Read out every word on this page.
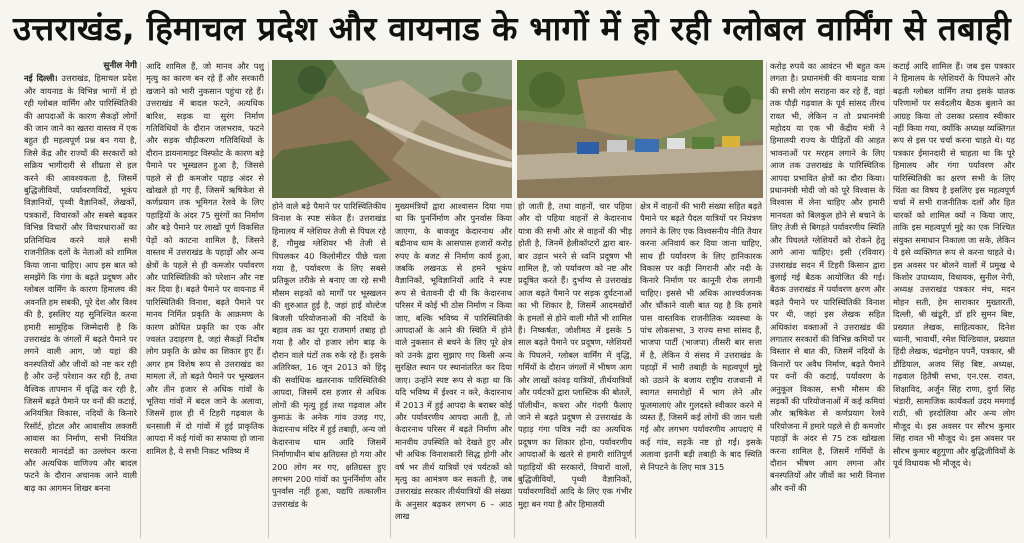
उत्तराखंड, हिमाचल प्रदेश और वायनाड के भागों में हो रही ग्लोबल वार्मिंग से तबाही
सुनील नेगी

नई दिल्ली। उत्तराखंड, हिमाचल प्रदेश और वायनाड के विभिन्न भागों में हो रही ग्लोबल वार्मिंग और पारिस्थितिकी की आपदाओं के कारण सैकड़ों लोगों की जान जाने का खतरा वास्तव में एक बहुत ही महत्वपूर्ण प्रश्न बन गया है, जिसे केंद्र और राज्यों की सरकारों को सक्रिय भागीदारी से शीघ्रता से हल करने की आवश्यकता है, जिसमें बुद्धिजीवियों, पर्यावरणविदों, भूकंप विज्ञानियों, पृथ्वी वैज्ञानिकों, लेखकों, पत्रकारों, विचारकों और सबसे बढ़कर विभिन्न विचारों और विचारधाराओं का प्रतिनिधित्व करने वाले सभी राजनीतिक दलों के नेताओं को शामिल किया जाना चाहिए। आप इस बात को समझेंगे कि गंगा के बढ़ते प्रदूषण और ग्लोबल वार्मिंग के कारण हिमालय की अवनति हम सबकी, पूरे देश और विश्व की है, इसलिए यह सुनिश्चित करना हमारी सामूहिक जिम्मेदारी है कि उत्तराखंड के जंगलों में बढ़ते पैमाने पर लगने वाली आग, जो यहां की वनस्पतियों और जीवों को नष्ट कर रही है और उन्हें परेशान कर रही है, तथा वैश्विक तापमान में वृद्धि कर रही है, जिसमें बढ़ते पैमाने पर वनों की कटाई, अनियंत्रित विकास, नदियों के किनारे रिसॉर्ट, होटल और आवासीय लक्जरी आवास का निर्माण, सभी नियंत्रित सरकारी मानदंडों का उल्लंघन करना और अत्यधिक वाणिज्य और बादल फटने के दौरान अचानक आने वाली बाढ़ का आगमन शिखर बनना

आदि शामिल हैं, जो मानव और पशु मृत्यु का कारण बन रहे हैं और सरकारी खजाने को भारी नुकसान पहुंचा रहे हैं। उत्तराखंड में बादल फटने, अत्यधिक बारिश, सड़क या सुरंग निर्माण गतिविधियों के दौरान जलभराव, फटने और सड़क चौड़ीकरण गतिविधियों के दौरान डायनामाइट विस्फोट के कारण बड़े पैमाने पर भूस्खलन हुआ है, जिससे पहले से ही कमजोर पहाड़ अंदर से खोखले हो गए हैं, जिसमें ऋषिकेश से कर्णप्रयाग तक भूमिगत रेलवे के लिए पहाड़ियों के अंदर 75 सुरंगों का निर्माण और बड़े पैमाने पर लाखों पूर्ण विकसित पेड़ों को काटना शामिल है, जिसने वास्तव में उत्तराखंड के पहाड़ों और अन्य क्षेत्रों के पहले से ही कमजोर पर्यावरण और पारिस्थितिकी को परेशान और नष्ट कर दिया है। बढ़ते पैमाने पर वायनाड में पारिस्थितिकी विनाश, बढ़ते पैमाने पर मानव निर्मित प्रकृति के आक्रमण के कारण क्रोधित प्रकृति का एक और ज्वलंत उदाहरण है, जहां सैकड़ों निर्दोष लोग प्रकृति के क्रोध का शिकार हुए हैं। अगर हम विशेष रूप से उत्तराखंड का मामला लें, तो बढ़ते पैमाने पर भूस्खलन और तीन हजार से अधिक गांवों के भूतिया गांवों में बदल जाने के अलावा, जिसमें हाल ही में टिहरी गढ़वाल के धनसाली में दो गांवों में हुई प्राकृतिक आपदा में कई गांवों का सफाया हो जाना शामिल है, ये सभी निकट भविष्य में

होने वाले बड़े पैमाने पर पारिस्थितिकीय विनाश के स्पष्ट संकेत हैं। उत्तराखंड हिमालय में ग्लेशियर तेजी से पिघल रहे हैं, गौमुख ग्लेशियर भी तेजी से पिघलकर 40 किलोमीटर पीछे चला गया है, पर्यावरण के लिए सबसे प्रतिकूल तरीके से बनाए जा रहे सभी मौसम सड़कों को मार्गों पर भूस्खलन की शुरुआत हुई है, जहां हाई वोल्टेज बिजली परियोजनाओं की नदियों के बहाव तक का पूरा राजमार्ग तबाह हो गया है और दो हजार लोग बाढ़ के दौरान वाले घंटों तक रुके रहे हैं। इसके अतिरिक्त, 16 जून 2013 को हिंदू की सर्वाधिक खतरनाक पारिस्थितिकी आपदा, जिसमें दस हजार से अधिक लोगों की मृत्यु हुई तथा गढ़वाल और कुमाऊं के अनेक गांव उजड़ गए, केदारनाथ मंदिर में हुई तबाही, अन्य जो केदारनाथ धाम आदि जिसमें निर्माणाधीन बांध क्षतिग्रस्त हो गया और 200 लोग मर गए, क्षतिग्रस्त हुए लगभग 200 गांवों का पुनर्निर्माण और पुनर्वास नहीं हुआ, यद्यपि तत्कालीन उत्तराखंड के

मुख्यमंत्रियों द्वारा आश्वासन दिया गया था कि पुनर्निर्माण और पुनर्वास किया जाएगा, के बावजूद केदारनाथ और बद्रीनाथ धाम के आसपास हजारों करोड़ रुपए के बजट से निर्माण कार्य हुआ, जबकि लखनऊ से हमने भूकंप वैज्ञानिकों, भूविज्ञानियों आदि ने स्पष्ट रूप से चेतावनी दी थी कि केदारनाथ परिसर में कोई भी ठोस निर्माण न किया जाए, बल्कि भविष्य में पारिस्थितिकी आपदाओं के आने की स्थिति में होने वाले नुकसान से बचने के लिए पूरे क्षेत्र को उनके द्वारा सुझाए गए किसी अन्य सुरक्षित स्थान पर स्थानांतरित कर दिया जाए। उन्होंने स्पष्ट रूप से कहा था कि यदि भविष्य में ईश्वर न करे, केदारनाथ में 2013 में हुई आपदा के बराबर कोई और पर्यावरणीय आपदा आती है, तो केदारनाथ परिसर में बढ़ते निर्माण और मानवीय उपस्थिति को देखते हुए और भी अधिक विनाशकारी सिद्ध होगी और वर्ष भर तीर्थ यात्रियों एवं पर्यटकों को मृत्यु का आमंत्रण कर सकती है, जब उत्तराखंड सरकार तीर्थयात्रियों की संख्या के अनुसार बढ़कर लगभग 6 – आठ लाख

हो जाती है, तथा वाहनों, चार पहिया और दो पहिया वाहनों से केदारनाथ यात्रा की सभी ओर से वाहनों की भीड़ होती है, जिनमें हेलीकॉप्टरों द्वारा बार-बार उड़ान भरने से ध्वनि प्रदूषण भी शामिल है, जो पर्यावरण को नष्ट और प्रदूषित करते हैं। दुर्भाग्य से उत्तराखंड आज बढ़ते पैमाने पर सड़क दुर्घटनाओं का भी शिकार है, जिसमें आदमखोरों के हमलों से होने वाली मौतें भी शामिल हैं। निष्कर्षतः, जोशीमठ में इसके 5 साल बढ़ते पैमाने पर प्रदूषण, ग्लेशियरों के पिघलने, ग्लोबल वार्मिंग में वृद्धि, गर्मियों के दौरान जंगलों में भीषण आग और लाखों कांवड़ यात्रियों, तीर्थयात्रियों और पर्यटकों द्वारा प्लास्टिक की बोतलें, पॉलीथीन, कचरा और गंदगी फैलाए जाने से बढ़ते प्रदूषण से उत्तराखंड के पहाड़ गंगा पवित्र नदी का अत्यधिक प्रदूषण का शिकार होना, पर्यावरणीय आपदाओं के खतरे से हमारी शांतिपूर्ण पहाड़ियों की सरकारों, विचारों वालों, बुद्धिजीवियों, पृथ्वी वैज्ञानिकों, पर्यावरणविदों आदि के लिए एक गंभीर मुद्दा बन गया है और हिमालयी

क्षेत्र में वाहनों की भारी संख्या सहित बढ़ते पैमाने पर बढ़ते पैदल यात्रियों पर नियंत्रण लगाने के लिए एक विश्वसनीय नीति तैयार करना अनिवार्य कर दिया जाना चाहिए, साथ ही पर्यावरण के लिए हानिकारक विकास पर कड़ी निगरानी और नदी के किनारे निर्माण पर कानूनी रोक लगानी चाहिए। इससे भी अधिक आश्चर्यजनक और चौंकाने वाली बात यह है कि हमारे पास वास्तविक राजनीतिक व्यवस्था के पांच लोकसभा, 3 राज्य सभा सांसद हैं, भाजपा पार्टी (भाजपा) तीसरी बार सत्ता में है, लेकिन ये संसद में उत्तराखंड के पहाड़ों में भारी तबाही के महत्वपूर्ण मुद्दे को उठाने के बजाय राष्ट्रीय राजधानी में स्वागत समारोहों में भाग लेने और फूलमालाएं और गुलदस्ते स्वीकार करने में व्यस्त हैं, जिसमें कई लोगों की जान चली गई और लगभग पर्यावरणीय आपदाएं में कई गांव, सड़कें नष्ट हो गईं। इसके अलावा इतनी बड़ी तबाही के बाद स्थिति से निपटने के लिए मात्र 315

करोड़ रुपये का आवंटन भी बहुत कम लगता है। प्रधानमंत्री की वायनाड यात्रा की सभी लोग सराहना कर रहे हैं, वहां तक पौड़ी गढ़वाल के पूर्व सांसद तीरथ रावत भी, लेकिन न तो प्रधानमंत्री महोदय या एक भी केंद्रीय मंत्री ने हिमालयी राज्य के पीड़ितों की आहत भावनाओं पर मरहम लगाने के लिए आज तक उत्तराखंड के पारिस्थितिक आपदा प्रभावित क्षेत्रों का दौरा किया। प्रधानमंत्री मोदी जो को पूरे विश्वास के विश्वास में लेना चाहिए और हमारी मानवता को बिलकुल होने से बचाने के लिए तेजी से बिगड़ते पर्यावरणीय स्थिति और पिघलते ग्लेशियरों को रोकने हेतु आगे आना चाहिए। इसी (रविवार) उत्तराखंड सदन में टिहरी किसान द्वारा बुलाई गई बैठक आयोजित की गई। बैठक उत्तराखंड में पर्यावरण क्षरण और बढ़ते पैमाने पर पारिस्थितिकी विनाश पर थी, जहां इस लेखक सहित अधिकांश वक्ताओं ने उत्तराखंड की लगातार सरकारों की विभिन्न कमियों पर विस्तार से बात की, जिसमें नदियों के किनारों पर अवैध निर्माण, बढ़ते पैमाने पर वनों की कटाई, पर्यावरण के अनुकूल विकास, सभी मौसम की सड़कों की परियोजनाओं में कई कमियां और ऋषिकेश से कर्णप्रयाग रेलवे परियोजना में हमारे पहले से ही कमजोर पहाड़ों के अंदर से 75 टक खोखला करना शामिल है, जिसमें गर्मियों के दौरान भीषण आग लगना और बनस्पतियों और जीवों का भारी विनाश और वनों की

कटाई आदि शामिल हैं। जब इस पत्रकार ने हिमालय के ग्लेशियरों के पिघलने और बढ़ती ग्लोबल वार्मिंग तथा इसके घातक परिणामों पर सर्वदलीय बैठक बुलाने का आग्रह किया तो उसका प्रस्ताव स्वीकार नहीं किया गया, क्योंकि अध्यक्ष व्यक्तिगत रूप से इस पर चर्चा करना चाहते थे। यह पत्रकार ईमानदारी से चाहता था कि पूरे हिमालय और गंगा पर्यावरण और पारिस्थितिकी का क्षरण सभी के लिए चिंता का विषय है इसलिए इस महत्वपूर्ण चर्चा में सभी राजनीतिक दलों और हित धारकों को शामिल क्यों न किया जाए, ताकि इस महत्वपूर्ण मुद्दे का एक निश्चित संयुक्त समाधान निकाला जा सके, लेकिन ये इसे व्यक्तिगत रूप से करना चाहते थे। इस अवसर पर बोलने वालों में प्रमुख थे किशोर उपाध्याय, विधायक, सुनील नेगी, अध्यक्ष उत्तराखंड पत्रकार मंच, मदन मोहन सती, हेम साराकार मुख्तारती, दिल्ली, श्री खंडूरी, डॉ हरि सुमन बिष्ट, प्रख्यात लेखक, साहित्यकार, दिनेश ध्यानी, भावार्थी, रमेश घिल्डियाल, प्रख्यात हिंदी लेखक, चंद्रमोहन पपनैं, पत्रकार, श्री डौंडियाल, अजय सिंह बिष्ट, अध्यक्ष, गढ़वाल हितैषी सभा, एन.एस. रावत, शिक्षाविद, अर्जुन सिंह राणा, दुर्गा सिंह भंडारी, सामाजिक कार्यकर्ता उदय ममगाई राठी, श्री हरदोलिया और अन्य लोग मौजूद थे। इस अवसर पर सौरभ कुमार सिंह रावत भी मौजूद थे। इस अवसर पर सौरभ कुमार बहुगुणा और बुद्धिजीवियों के पूर्व विधायक भी मौजूद थे।
